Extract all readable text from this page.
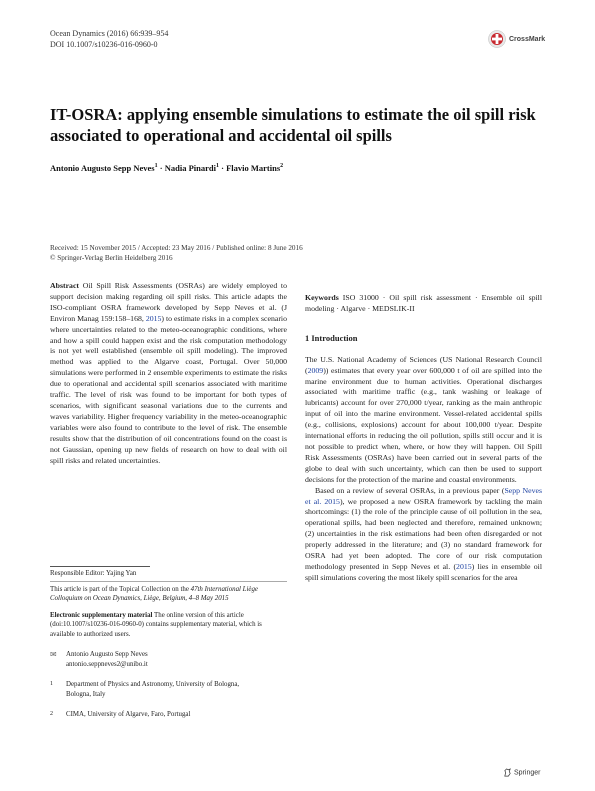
Ocean Dynamics (2016) 66:939–954
DOI 10.1007/s10236-016-0960-0
CrossMark
IT-OSRA: applying ensemble simulations to estimate the oil spill risk associated to operational and accidental oil spills
Antonio Augusto Sepp Neves$^1$ · Nadia Pinardi$^1$ · Flavio Martins$^2$
Received: 15 November 2015 / Accepted: 23 May 2016 / Published online: 8 June 2016
© Springer-Verlag Berlin Heidelberg 2016

Abstract Oil Spill Risk Assessments (OSRAs) are widely employed to support decision making regarding oil spill risks. This article adapts the ISO-compliant OSRA framework developed by Sepp Neves et al. (J Environ Manag 159:158–168, 2015) to estimate risks in a complex scenario where uncertainties related to the meteo-oceanographic conditions, where and how a spill could happen exist and the risk computation methodology is not yet well established (ensemble oil spill modeling). The improved method was applied to the Algarve coast, Portugal. Over 50,000 simulations were performed in 2 ensemble experiments to estimate the risks due to operational and accidental spill scenarios associated with maritime traffic. The level of risk was found to be important for both types of scenarios, with significant seasonal variations due to the currents and waves variability. Higher frequency variability in the meteo-oceanographic variables were also found to contribute to the level of risk. The ensemble results show that the distribution of oil concentrations found on the coast is not Gaussian, opening up new fields of research on how to deal with oil spill risks and related uncertainties.

Responsible Editor: Yajing Yan

This article is part of the Topical Collection on the 47th International Liège Colloquium on Ocean Dynamics, Liège, Belgium, 4–8 May 2015

Electronic supplementary material The online version of this article (doi:10.1007/s10236-016-0960-0) contains supplementary material, which is available to authorized users.

✉	Antonio Augusto Sepp Neves
antonio.seppneves2@unibo.it
1	Department of Physics and Astronomy, University of Bologna, Bologna, Italy
2	CIMA, University of Algarve, Faro, Portugal

Keywords ISO 31000 · Oil spill risk assessment · Ensemble oil spill modeling · Algarve · MEDSLIK-II

1 Introduction

The U.S. National Academy of Sciences (US National Research Council (2009)) estimates that every year over 600,000 t of oil are spilled into the marine environment due to human activities. Operational discharges associated with maritime traffic (e.g., tank washing or leakage of lubricants) account for over 270,000 t/year, ranking as the main anthropic input of oil into the marine environment. Vessel-related accidental spills (e.g., collisions, explosions) account for about 100,000 t/year. Despite international efforts in reducing the oil pollution, spills still occur and it is not possible to predict when, where, or how they will happen. Oil Spill Risk Assessments (OSRAs) have been carried out in several parts of the globe to deal with such uncertainty, which can then be used to support decisions for the protection of the marine and coastal environments.

Based on a review of several OSRAs, in a previous paper (Sepp Neves et al. 2015), we proposed a new OSRA framework by tackling the main shortcomings: (1) the role of the principle cause of oil pollution in the sea, operational spills, had been neglected and therefore, remained unknown; (2) uncertainties in the risk estimations had been often disregarded or not properly addressed in the literature; and (3) no standard framework for OSRA had yet been adopted. The core of our risk computation methodology presented in Sepp Neves et al. (2015) lies in ensemble oil spill simulations covering the most likely spill scenarios for the area

Springer
